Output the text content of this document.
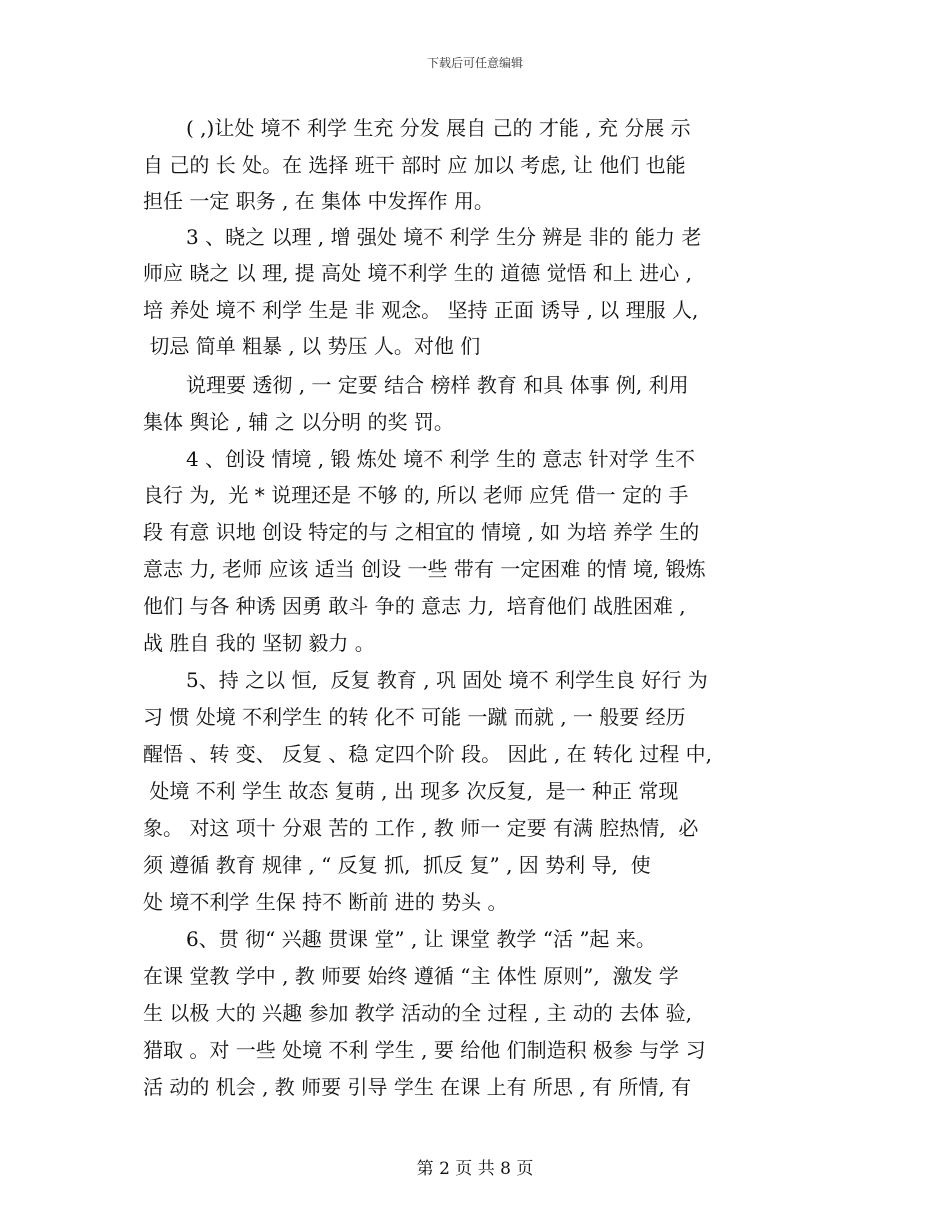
下载后可任意编辑
( ,)让处 境不 利学 生充 分发 展自 己的 才能 , 充 分展 示
自 己的 长 处。在 选择 班干 部时 应 加以 考虑, 让 他们 也能
担任 一定 职务 , 在 集体 中发挥作 用。
3 、晓之 以理 , 增 强处 境不 利学 生分 辨是 非的 能力 老
师应 晓之 以 理, 提 高处 境不利学 生的 道德 觉悟 和上 进心 ,
培 养处 境不 利学 生是 非 观念。 坚持 正面 诱导 , 以 理服 人,
切忌 简单 粗暴 , 以 势压 人。对他 们
说理要 透彻 , 一 定要 结合 榜样 教育 和具 体事 例, 利用
集体 舆论 , 辅 之 以分明 的奖 罚。
4 、创设 情境 , 锻 炼处 境不 利学 生的 意志 针对学 生不
良行 为,  光 * 说理还是 不够 的, 所以 老师 应凭 借一 定的 手
段 有意 识地 创设 特定的与 之相宜的 情境 , 如 为培 养学 生的
意志 力, 老师 应该 适当 创设 一些 带有 一定困难 的情 境, 锻炼
他们 与各 种诱 因勇 敢斗 争的 意志 力,  培育他们 战胜困难 ,
战 胜自 我的 坚韧 毅力 。
5、持 之以 恒,  反复 教育 , 巩 固处 境不 利学生良 好行 为
习 惯 处境 不利学生 的转 化不 可能 一蹴 而就 , 一 般要 经历
醒悟 、转 变、 反复 、稳 定四个阶 段。 因此 , 在 转化 过程 中,
处境 不利 学生 故态 复萌 , 出 现多 次反复,  是一 种正 常现
象。 对这 项十 分艰 苦的 工作 , 教 师一 定要 有满 腔热情,  必
须 遵循 教育 规律 , “ 反复 抓,  抓反 复” , 因 势利 导,  使
处 境不利学 生保 持不 断前 进的 势头 。
6、贯 彻“ 兴趣 贯课 堂” , 让 课堂 教学 “活 ”起 来。
在课 堂教 学中 , 教 师要 始终 遵循 “主 体性 原则”,  激发 学
生 以极 大的 兴趣 参加 教学 活动的全 过程 , 主 动的 去体 验,
猎取 。对 一些 处境 不利 学生 , 要 给他 们制造积 极参 与学 习
活 动的 机会 , 教 师要 引导 学生 在课 上有 所思 , 有 所情, 有
第 2 页 共 8 页
